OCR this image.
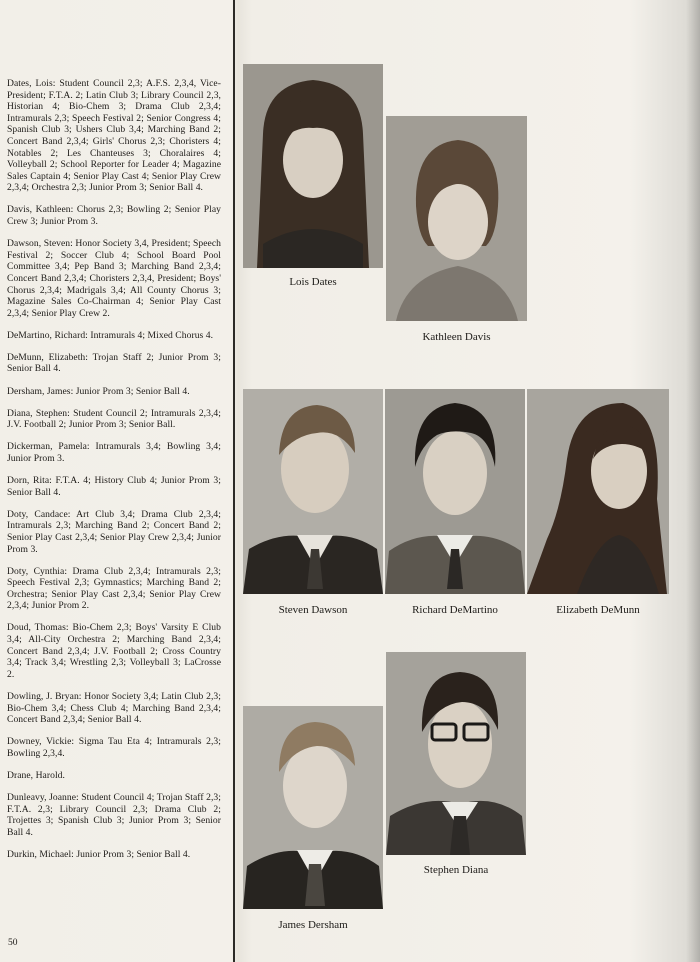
Dates, Lois: Student Council 2,3; A.F.S. 2,3,4, Vice-President; F.T.A. 2; Latin Club 3; Library Council 2,3, Historian 4; Bio-Chem 3; Drama Club 2,3,4; Intramurals 2,3; Speech Festival 2; Senior Congress 4; Spanish Club 3; Ushers Club 3,4; Marching Band 2; Concert Band 2,3,4; Girls' Chorus 2,3; Choristers 4; Notables 2; Les Chanteuses 3; Choralaires 4; Volleyball 2; School Reporter for Leader 4; Magazine Sales Captain 4; Senior Play Cast 4; Senior Play Crew 2,3,4; Orchestra 2,3; Junior Prom 3; Senior Ball 4.

Davis, Kathleen: Chorus 2,3; Bowling 2; Senior Play Crew 3; Junior Prom 3.

Dawson, Steven: Honor Society 3,4, President; Speech Festival 2; Soccer Club 4; School Board Pool Committee 3,4; Pep Band 3; Marching Band 2,3,4; Concert Band 2,3,4; Choristers 2,3,4, President; Boys' Chorus 2,3,4; Madrigals 3,4; All County Chorus 3; Magazine Sales Co-Chairman 4; Senior Play Cast 2,3,4; Senior Play Crew 2.

DeMartino, Richard: Intramurals 4; Mixed Chorus 4.

DeMunn, Elizabeth: Trojan Staff 2; Junior Prom 3; Senior Ball 4.

Dersham, James: Junior Prom 3; Senior Ball 4.

Diana, Stephen: Student Council 2; Intramurals 2,3,4; J.V. Football 2; Junior Prom 3; Senior Ball.

Dickerman, Pamela: Intramurals 3,4; Bowling 3,4; Junior Prom 3.

Dorn, Rita: F.T.A. 4; History Club 4; Junior Prom 3; Senior Ball 4.

Doty, Candace: Art Club 3,4; Drama Club 2,3,4; Intramurals 2,3; Marching Band 2; Concert Band 2; Senior Play Cast 2,3,4; Senior Play Crew 2,3,4; Junior Prom 3.

Doty, Cynthia: Drama Club 2,3,4; Intramurals 2,3; Speech Festival 2,3; Gymnastics; Marching Band 2; Orchestra; Senior Play Cast 2,3,4; Senior Play Crew 2,3,4; Junior Prom 2.

Doud, Thomas: Bio-Chem 2,3; Boys' Varsity E Club 3,4; All-City Orchestra 2; Marching Band 2,3,4; Concert Band 2,3,4; J.V. Football 2; Cross Country 3,4; Track 3,4; Wrestling 2,3; Volleyball 3; LaCrosse 2.

Dowling, J. Bryan: Honor Society 3,4; Latin Club 2,3; Bio-Chem 3,4; Chess Club 4; Marching Band 2,3,4; Concert Band 2,3,4; Senior Ball 4.

Downey, Vickie: Sigma Tau Eta 4; Intramurals 2,3; Bowling 2,3,4.

Drane, Harold.

Dunleavy, Joanne: Student Council 4; Trojan Staff 2,3; F.T.A. 2,3; Library Council 2,3; Drama Club 2; Trojettes 3; Spanish Club 3; Junior Prom 3; Senior Ball 4.

Durkin, Michael: Junior Prom 3; Senior Ball 4.

50
Lois Dates
Kathleen Davis
Steven Dawson	Richard DeMartino	Elizabeth DeMunn
James Dersham
Stephen Diana
